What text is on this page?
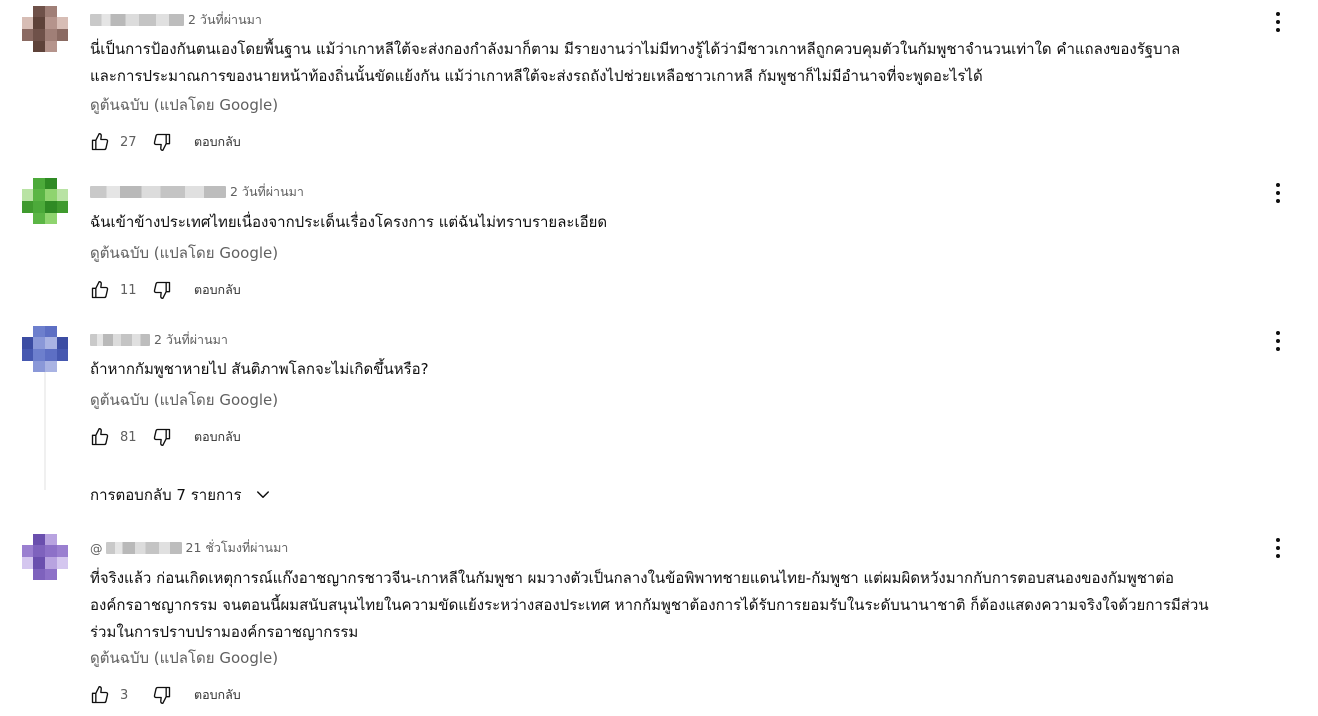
2 วันที่ผ่านมา
นี่เป็นการป้องกันตนเองโดยพื้นฐาน แม้ว่าเกาหลีใต้จะส่งกองกำลังมาก็ตาม มีรายงานว่าไม่มีทางรู้ได้ว่ามีชาวเกาหลีถูกควบคุมตัวในกัมพูชาจำนวนเท่าใด คำแถลงของรัฐบาล
และการประมาณการของนายหน้าท้องถิ่นนั้นขัดแย้งกัน แม้ว่าเกาหลีใต้จะส่งรถถังไปช่วยเหลือชาวเกาหลี กัมพูชาก็ไม่มีอำนาจที่จะพูดอะไรได้
ดูต้นฉบับ (แปลโดย Google)
27	ตอบกลับ
2 วันที่ผ่านมา
ฉันเข้าข้างประเทศไทยเนื่องจากประเด็นเรื่องโครงการ แต่ฉันไม่ทราบรายละเอียด
ดูต้นฉบับ (แปลโดย Google)
11	ตอบกลับ
2 วันที่ผ่านมา
ถ้าหากกัมพูชาหายไป สันติภาพโลกจะไม่เกิดขึ้นหรือ?
ดูต้นฉบับ (แปลโดย Google)
81	ตอบกลับ
การตอบกลับ 7 รายการ
@	21 ชั่วโมงที่ผ่านมา
ที่จริงแล้ว ก่อนเกิดเหตุการณ์แก๊งอาชญากรชาวจีน-เกาหลีในกัมพูชา ผมวางตัวเป็นกลางในข้อพิพาทชายแดนไทย-กัมพูชา แต่ผมผิดหวังมากกับการตอบสนองของกัมพูชาต่อ
องค์กรอาชญากรรม จนตอนนี้ผมสนับสนุนไทยในความขัดแย้งระหว่างสองประเทศ หากกัมพูชาต้องการได้รับการยอมรับในระดับนานาชาติ ก็ต้องแสดงความจริงใจด้วยการมีส่วน
ร่วมในการปราบปรามองค์กรอาชญากรรม
ดูต้นฉบับ (แปลโดย Google)
3	ตอบกลับ
